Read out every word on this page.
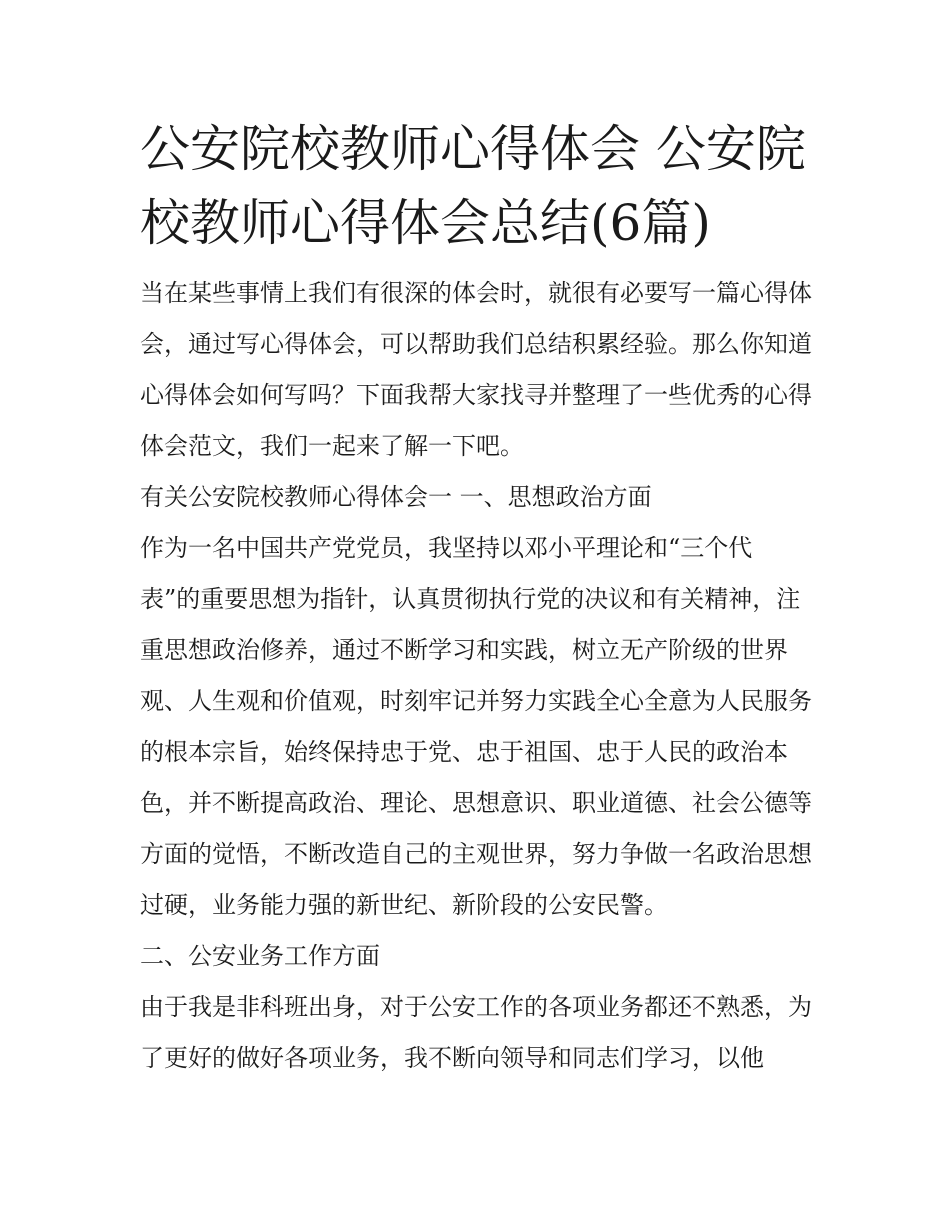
公安院校教师心得体会 公安院校教师心得体会总结(6篇)

当在某些事情上我们有很深的体会时，就很有必要写一篇心得体会，通过写心得体会，可以帮助我们总结积累经验。那么你知道心得体会如何写吗？下面我帮大家找寻并整理了一些优秀的心得体会范文，我们一起来了解一下吧。

有关公安院校教师心得体会一 一、思想政治方面

作为一名中国共产党党员，我坚持以邓小平理论和“三个代表”的重要思想为指针，认真贯彻执行党的决议和有关精神，注重思想政治修养，通过不断学习和实践，树立无产阶级的世界观、人生观和价值观，时刻牢记并努力实践全心全意为人民服务的根本宗旨，始终保持忠于党、忠于祖国、忠于人民的政治本色，并不断提高政治、理论、思想意识、职业道德、社会公德等方面的觉悟，不断改造自己的主观世界，努力争做一名政治思想过硬，业务能力强的新世纪、新阶段的公安民警。

二、公安业务工作方面

由于我是非科班出身，对于公安工作的各项业务都还不熟悉，为了更好的做好各项业务，我不断向领导和同志们学习，以他
